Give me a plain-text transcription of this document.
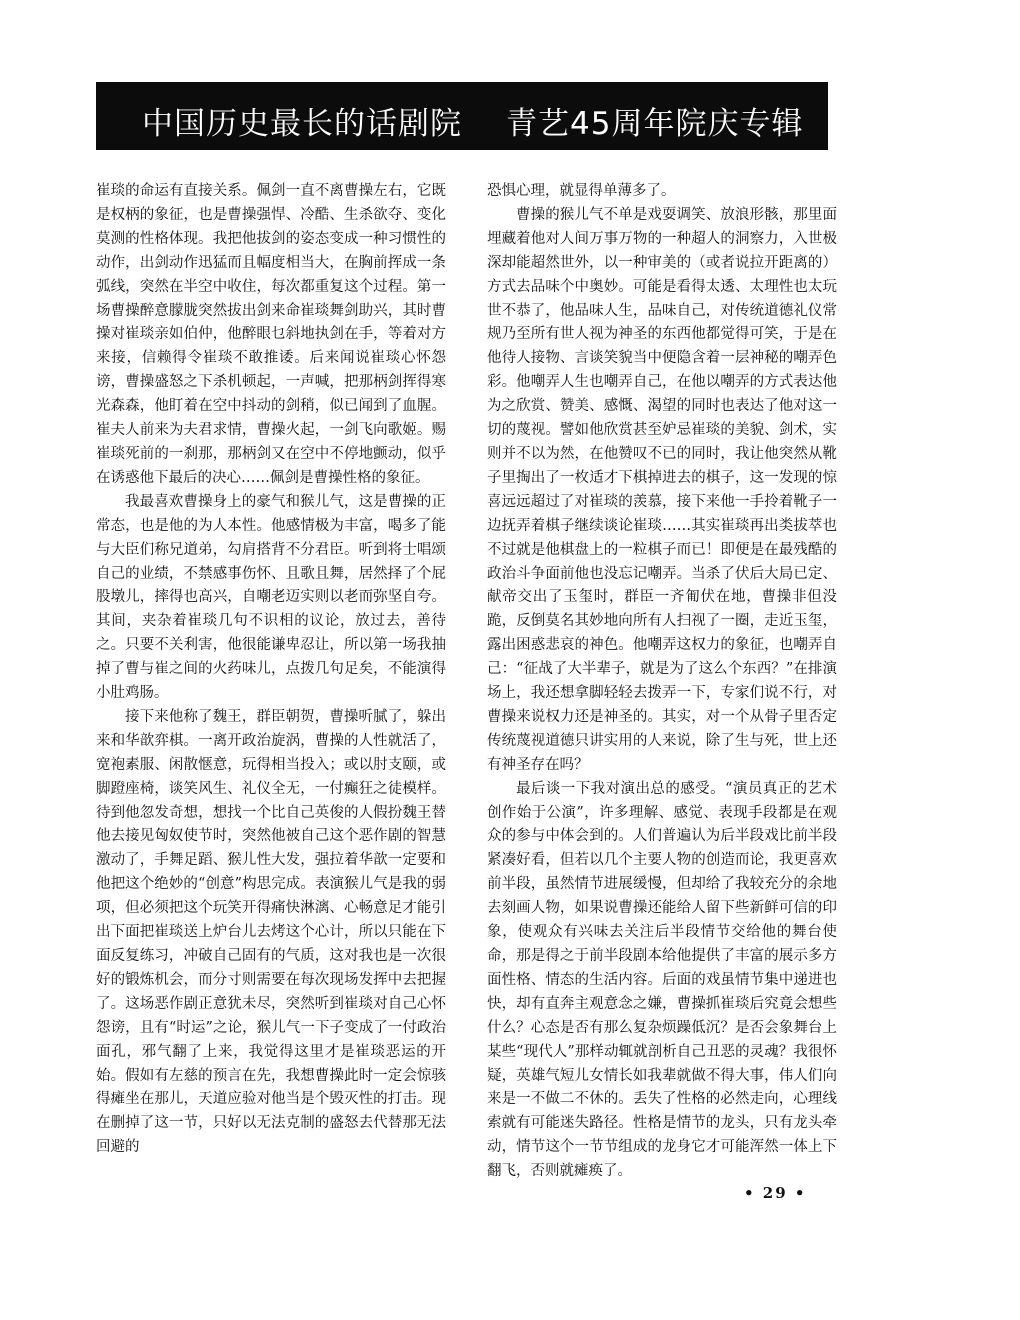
中国历史最长的话剧院 青艺45周年院庆专辑

崔琰的命运有直接关系。佩剑一直不离曹操左右，它既是权柄的象征，也是曹操强悍、冷酷、生杀欲夺、变化莫测的性格体现。我把他拔剑的姿态变成一种习惯性的动作，出剑动作迅猛而且幅度相当大，在胸前挥成一条弧线，突然在半空中收住，每次都重复这个过程。第一场曹操醉意朦胧突然拔出剑来命崔琰舞剑助兴，其时曹操对崔琰亲如伯仲，他醉眼乜斜地执剑在手，等着对方来接，信赖得令崔琰不敢推诿。后来闻说崔琰心怀怨谤，曹操盛怒之下杀机顿起，一声喊，把那柄剑挥得寒光森森，他盯着在空中抖动的剑稍，似已闻到了血腥。崔夫人前来为夫君求情，曹操火起，一剑飞向歌姬。赐崔琰死前的一刹那，那柄剑又在空中不停地颤动，似乎在诱惑他下最后的决心……佩剑是曹操性格的象征。

我最喜欢曹操身上的豪气和猴儿气，这是曹操的正常态，也是他的为人本性。他感情极为丰富，喝多了能与大臣们称兄道弟，勾肩搭背不分君臣。听到将士唱颂自己的业绩，不禁感事伤怀、且歌且舞，居然择了个屁股墩儿，摔得也高兴，自嘲老迈实则以老而弥坚自夸。其间，夹杂着崔琰几句不识相的议论，放过去，善待之。只要不关利害，他很能谦卑忍让，所以第一场我抽掉了曹与崔之间的火药味儿，点拨几句足矣，不能演得小肚鸡肠。

接下来他称了魏王，群臣朝贺，曹操听腻了，躲出来和华歆弈棋。一离开政治旋涡，曹操的人性就活了，宽袍素服、闲散惬意，玩得相当投入；或以肘支颐，或脚蹬座椅，谈笑风生、礼仪全无，一付癫狂之徒模样。待到他忽发奇想，想找一个比自己英俊的人假扮魏王替他去接见匈奴使节时，突然他被自己这个恶作剧的智慧激动了，手舞足蹈、猴儿性大发，强拉着华歆一定要和他把这个绝妙的“创意”构思完成。表演猴儿气是我的弱项，但必须把这个玩笑开得痛快淋漓、心畅意足才能引出下面把崔琰送上炉台儿去烤这个心计，所以只能在下面反复练习，冲破自己固有的气质，这对我也是一次很好的锻炼机会，而分寸则需要在每次现场发挥中去把握了。这场恶作剧正意犹未尽，突然听到崔琰对自己心怀怨谤，且有“时运”之论，猴儿气一下子变成了一付政治面孔，邪气翻了上来，我觉得这里才是崔琰恶运的开始。假如有左慈的预言在先，我想曹操此时一定会惊骇得瘫坐在那儿，天道应验对他当是个毁灭性的打击。现在删掉了这一节，只好以无法克制的盛怒去代替那无法回避的

恐惧心理，就显得单薄多了。

曹操的猴儿气不单是戏耍调笑、放浪形骸，那里面埋藏着他对人间万事万物的一种超人的洞察力，入世极深却能超然世外，以一种审美的（或者说拉开距离的）方式去品味个中奥妙。可能是看得太透、太理性也太玩世不恭了，他品味人生，品味自己，对传统道德礼仪常规乃至所有世人视为神圣的东西他都觉得可笑，于是在他待人接物、言谈笑貌当中便隐含着一层神秘的嘲弄色彩。他嘲弄人生也嘲弄自己，在他以嘲弄的方式表达他为之欣赏、赞美、感慨、渴望的同时也表达了他对这一切的蔑视。譬如他欣赏甚至妒忌崔琰的美貌、剑术，实则并不以为然，在他赞叹不已的同时，我让他突然从靴子里掏出了一枚适才下棋掉进去的棋子，这一发现的惊喜远远超过了对崔琰的羡慕，接下来他一手拎着靴子一边抚弄着棋子继续谈论崔琰……其实崔琰再出类拔萃也不过就是他棋盘上的一粒棋子而已！即便是在最残酷的政治斗争面前他也没忘记嘲弄。当杀了伏后大局已定、献帝交出了玉玺时，群臣一齐匍伏在地，曹操非但没跪，反倒莫名其妙地向所有人扫视了一圈，走近玉玺，露出困惑悲哀的神色。他嘲弄这权力的象征，也嘲弄自己：“征战了大半辈子，就是为了这么个东西？”在排演场上，我还想拿脚轻轻去拨弄一下，专家们说不行，对曹操来说权力还是神圣的。其实，对一个从骨子里否定传统蔑视道德只讲实用的人来说，除了生与死，世上还有神圣存在吗？

最后谈一下我对演出总的感受。“演员真正的艺术创作始于公演”，许多理解、感觉、表现手段都是在观众的参与中体会到的。人们普遍认为后半段戏比前半段紧凑好看，但若以几个主要人物的创造而论，我更喜欢前半段，虽然情节进展缓慢，但却给了我较充分的余地去刻画人物，如果说曹操还能给人留下些新鲜可信的印象，使观众有兴味去关注后半段情节交给他的舞台使命，那是得之于前半段剧本给他提供了丰富的展示多方面性格、情态的生活内容。后面的戏虽情节集中递进也快，却有直奔主观意念之嫌，曹操抓崔琰后究竟会想些什么？心态是否有那么复杂烦躁低沉？是否会象舞台上某些“现代人”那样动辄就剖析自己丑恶的灵魂？我很怀疑，英雄气短儿女情长如我辈就做不得大事，伟人们向来是一不做二不休的。丢失了性格的必然走向，心理线索就有可能迷失路径。性格是情节的龙头，只有龙头牵动，情节这个一节节组成的龙身它才可能浑然一体上下翻飞，否则就瘫痪了。

• 29 •
